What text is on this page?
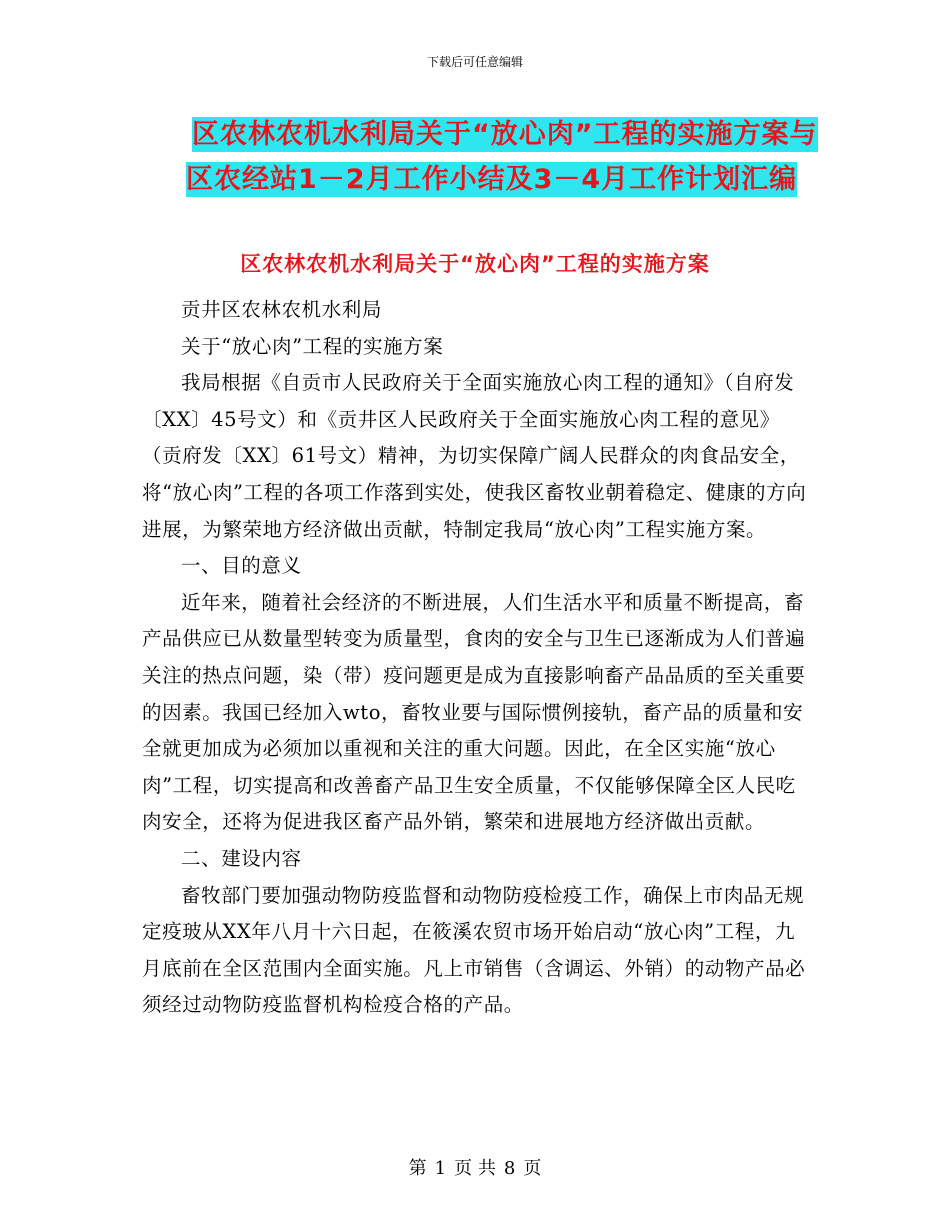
下载后可任意编辑
区农林农机水利局关于“放心肉”工程的实施方案与
区农经站1－2月工作小结及3－4月工作计划汇编
区农林农机水利局关于“放心肉”工程的实施方案

贡井区农林农机水利局

关于“放心肉”工程的实施方案

我局根据《自贡市人民政府关于全面实施放心肉工程的通知》（自府发〔XX〕45号文）和《贡井区人民政府关于全面实施放心肉工程的意见》（贡府发〔XX〕61号文）精神，为切实保障广阔人民群众的肉食品安全，将“放心肉”工程的各项工作落到实处，使我区畜牧业朝着稳定、健康的方向进展，为繁荣地方经济做出贡献，特制定我局“放心肉”工程实施方案。

一、目的意义

近年来，随着社会经济的不断进展，人们生活水平和质量不断提高，畜产品供应已从数量型转变为质量型，食肉的安全与卫生已逐渐成为人们普遍关注的热点问题，染（带）疫问题更是成为直接影响畜产品品质的至关重要的因素。我国已经加入wto，畜牧业要与国际惯例接轨，畜产品的质量和安全就更加成为必须加以重视和关注的重大问题。因此，在全区实施“放心肉”工程，切实提高和改善畜产品卫生安全质量，不仅能够保障全区人民吃肉安全，还将为促进我区畜产品外销，繁荣和进展地方经济做出贡献。

二、建设内容

畜牧部门要加强动物防疫监督和动物防疫检疫工作，确保上市肉品无规定疫玻从XX年八月十六日起，在筱溪农贸市场开始启动“放心肉”工程，九月底前在全区范围内全面实施。凡上市销售（含调运、外销）的动物产品必须经过动物防疫监督机构检疫合格的产品。

第 1 页 共 8 页
